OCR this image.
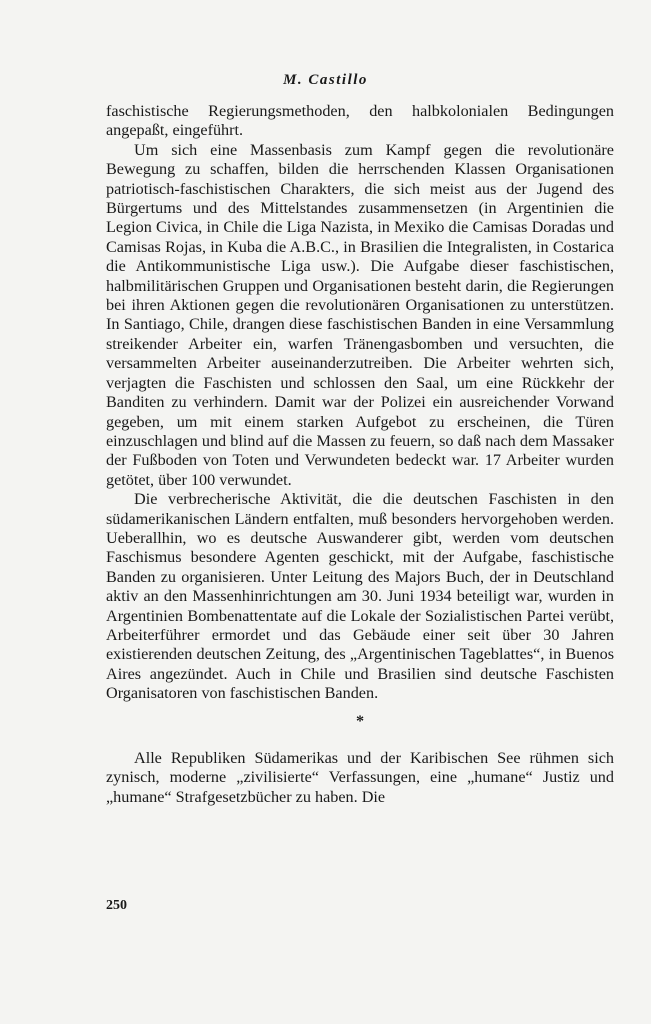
M. Castillo

faschistische Regierungsmethoden, den halbkolonialen Bedingungen angepaßt, eingeführt.

Um sich eine Massenbasis zum Kampf gegen die revolutionäre Bewegung zu schaffen, bilden die herrschenden Klassen Organisationen patriotisch-faschistischen Charakters, die sich meist aus der Jugend des Bürgertums und des Mittelstandes zusammensetzen (in Argentinien die Legion Civica, in Chile die Liga Nazista, in Mexiko die Camisas Doradas und Camisas Rojas, in Kuba die A.B.C., in Brasilien die Integralisten, in Costarica die Antikommunistische Liga usw.). Die Aufgabe dieser faschistischen, halbmilitärischen Gruppen und Organisationen besteht darin, die Regierungen bei ihren Aktionen gegen die revolutionären Organisationen zu unterstützen. In Santiago, Chile, drangen diese faschistischen Banden in eine Versammlung streikender Arbeiter ein, warfen Tränengasbomben und versuchten, die versammelten Arbeiter auseinanderzutreiben. Die Arbeiter wehrten sich, verjagten die Faschisten und schlossen den Saal, um eine Rückkehr der Banditen zu verhindern. Damit war der Polizei ein ausreichender Vorwand gegeben, um mit einem starken Aufgebot zu erscheinen, die Türen einzuschlagen und blind auf die Massen zu feuern, so daß nach dem Massaker der Fußboden von Toten und Verwundeten bedeckt war. 17 Arbeiter wurden getötet, über 100 verwundet.

Die verbrecherische Aktivität, die die deutschen Faschisten in den südamerikanischen Ländern entfalten, muß besonders hervorgehoben werden. Ueberallhin, wo es deutsche Auswanderer gibt, werden vom deutschen Faschismus besondere Agenten geschickt, mit der Aufgabe, faschistische Banden zu organisieren. Unter Leitung des Majors Buch, der in Deutschland aktiv an den Massenhinrichtungen am 30. Juni 1934 beteiligt war, wurden in Argentinien Bombenattentate auf die Lokale der Sozialistischen Partei verübt, Arbeiterführer ermordet und das Gebäude einer seit über 30 Jahren existierenden deutschen Zeitung, des „Argentinischen Tageblattes“, in Buenos Aires angezündet. Auch in Chile und Brasilien sind deutsche Faschisten Organisatoren von faschistischen Banden.

*

Alle Republiken Südamerikas und der Karibischen See rühmen sich zynisch, moderne „zivilisierte“ Verfassungen, eine „humane“ Justiz und „humane“ Strafgesetzbücher zu haben. Die

250
